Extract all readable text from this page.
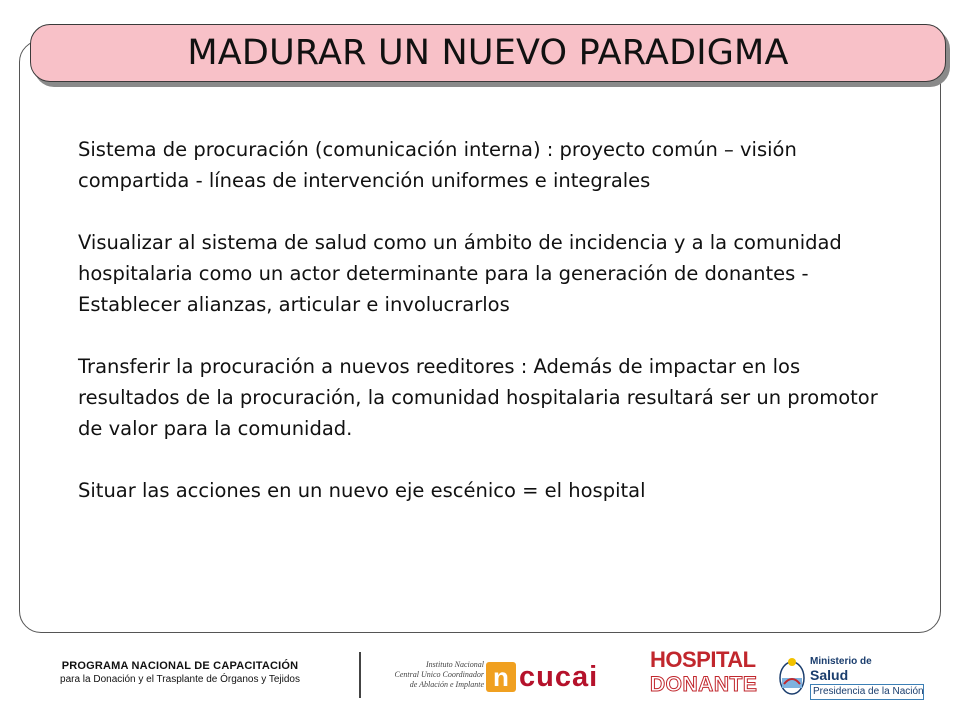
MADURAR UN NUEVO PARADIGMA

Sistema de procuración (comunicación interna) : proyecto común – visión compartida - líneas de intervención uniformes e integrales

Visualizar al sistema de salud como un ámbito de incidencia y a la comunidad hospitalaria como un actor determinante para la generación de donantes - Establecer alianzas, articular e involucrarlos

Transferir la procuración a nuevos reeditores : Además de impactar en los resultados de la procuración, la comunidad hospitalaria resultará ser un promotor de valor para la comunidad.

Situar las acciones en un nuevo eje escénico = el hospital

PROGRAMA NACIONAL DE CAPACITACIÓN
para la Donación y el Trasplante de Órganos y Tejidos
Instituto Nacional
Central Unico Coordinador
de Ablación e Implante n cucai
HOSPITAL
DONANTE
Ministerio de
Salud
Presidencia de la Nación
